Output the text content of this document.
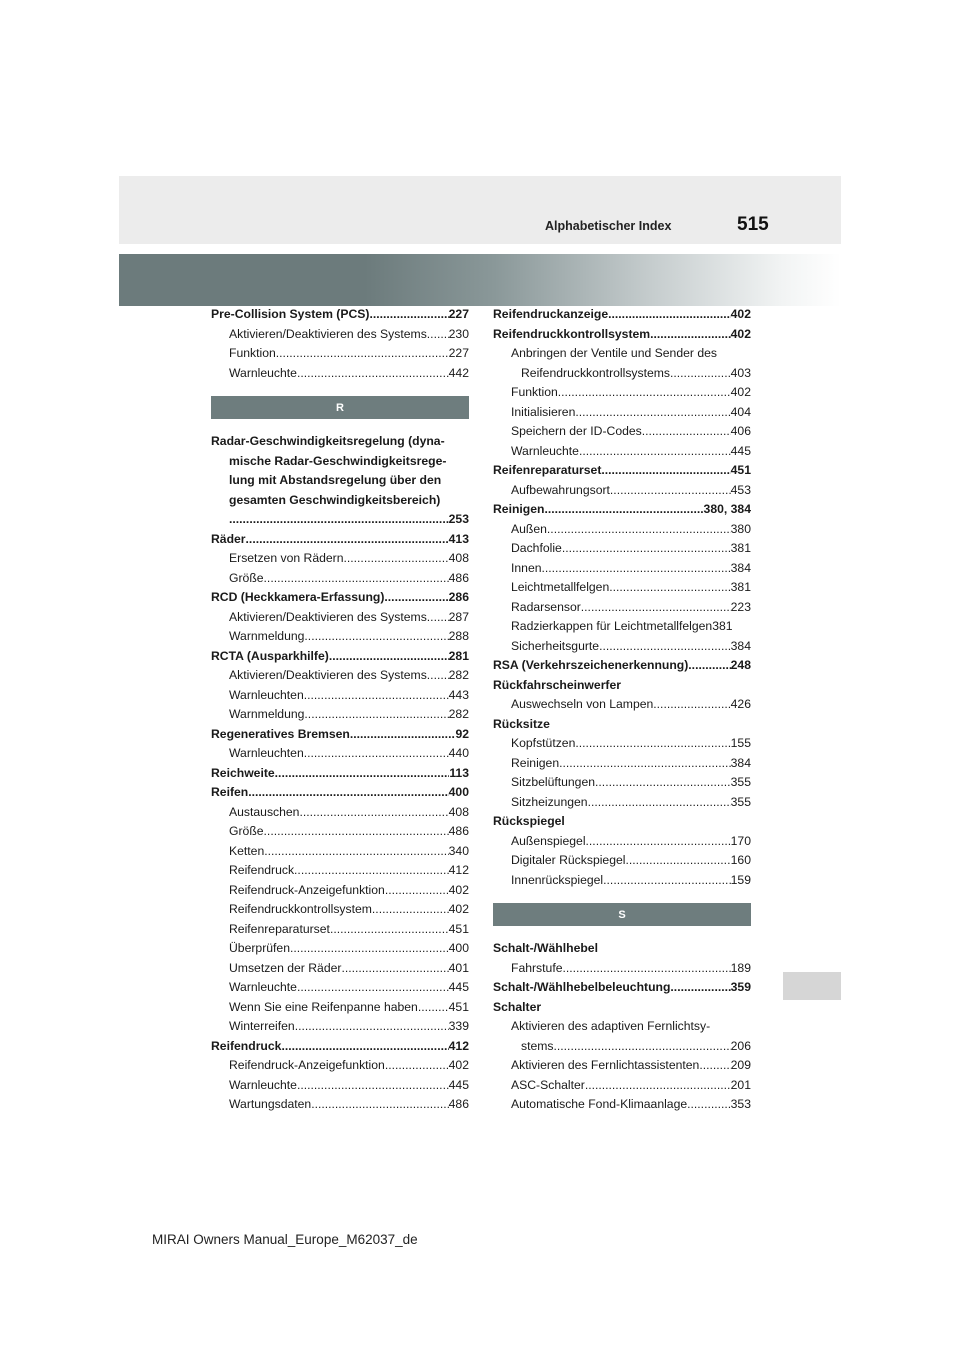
Alphabetischer Index	515
Pre-Collision System (PCS) .....	227
Aktivieren/Deaktivieren des Systems ..... 230
Funktion .....	227
Warnleuchte .....	442
R
Radar-Geschwindigkeitsregelung (dyna-
mische Radar-Geschwindigkeitsrege-
lung mit Abstandsregelung über den
gesamten Geschwindigkeitsbereich)
.....
253
Räder .....	413
Ersetzen von Rädern .....	408
Größe .....	486
RCD (Heckkamera-Erfassung) .....	286
Aktivieren/Deaktivieren des Systems ..... 287
Warnmeldung .....	288
RCTA (Ausparkhilfe) .....	281
Aktivieren/Deaktivieren des Systems ..... 282
Warnleuchten .....	443
Warnmeldung .....	282
Regeneratives Bremsen .....	92
Warnleuchten .....	440
Reichweite .....	113
Reifen .....	400
Austauschen .....	408
Größe .....	486
Ketten .....	340
Reifendruck .....	412
Reifendruck-Anzeigefunktion .....	402
Reifendruckkontrollsystem .....	402
Reifenreparaturset .....	451
Überprüfen .....	400
Umsetzen der Räder .....	401
Warnleuchte .....	445
Wenn Sie eine Reifenpanne haben .....	451
Winterreifen .....	339
Reifendruck .....	412
Reifendruck-Anzeigefunktion .....	402
Warnleuchte .....	445
Wartungsdaten .....	486
Reifendruckanzeige .....	402
Reifendruckkontrollsystem .....	402
Anbringen der Ventile und Sender des
Reifendruckkontrollsystems .....	403
Funktion .....	402
Initialisieren .....	404
Speichern der ID-Codes .....	406
Warnleuchte .....	445
Reifenreparaturset .....	451
Aufbewahrungsort .....	453
Reinigen .....	380, 384
Außen .....	380
Dachfolie .....	381
Innen .....	384
Leichtmetallfelgen .....	381
Radarsensor .....	223
Radzierkappen für Leichtmetallfelgen 381
Sicherheitsgurte .....	384
RSA (Verkehrszeichenerkennung) .....	248
Rückfahrscheinwerfer
Auswechseln von Lampen .....	426
Rücksitze
Kopfstützen .....	155
Reinigen .....	384
Sitzbelüftungen .....	355
Sitzheizungen .....	355
Rückspiegel
Außenspiegel .....	170
Digitaler Rückspiegel .....	160
Innenrückspiegel .....	159
S
Schalt-/Wählhebel
Fahrstufe .....	189
Schalt-/Wählhebelbeleuchtung .....	359
Schalter
Aktivieren des adaptiven Fernlichtsy-
stems .....	206
Aktivieren des Fernlichtassistenten .....	209
ASC-Schalter .....	201
Automatische Fond-Klimaanlage .....	353
MIRAI Owners Manual_Europe_M62037_de
